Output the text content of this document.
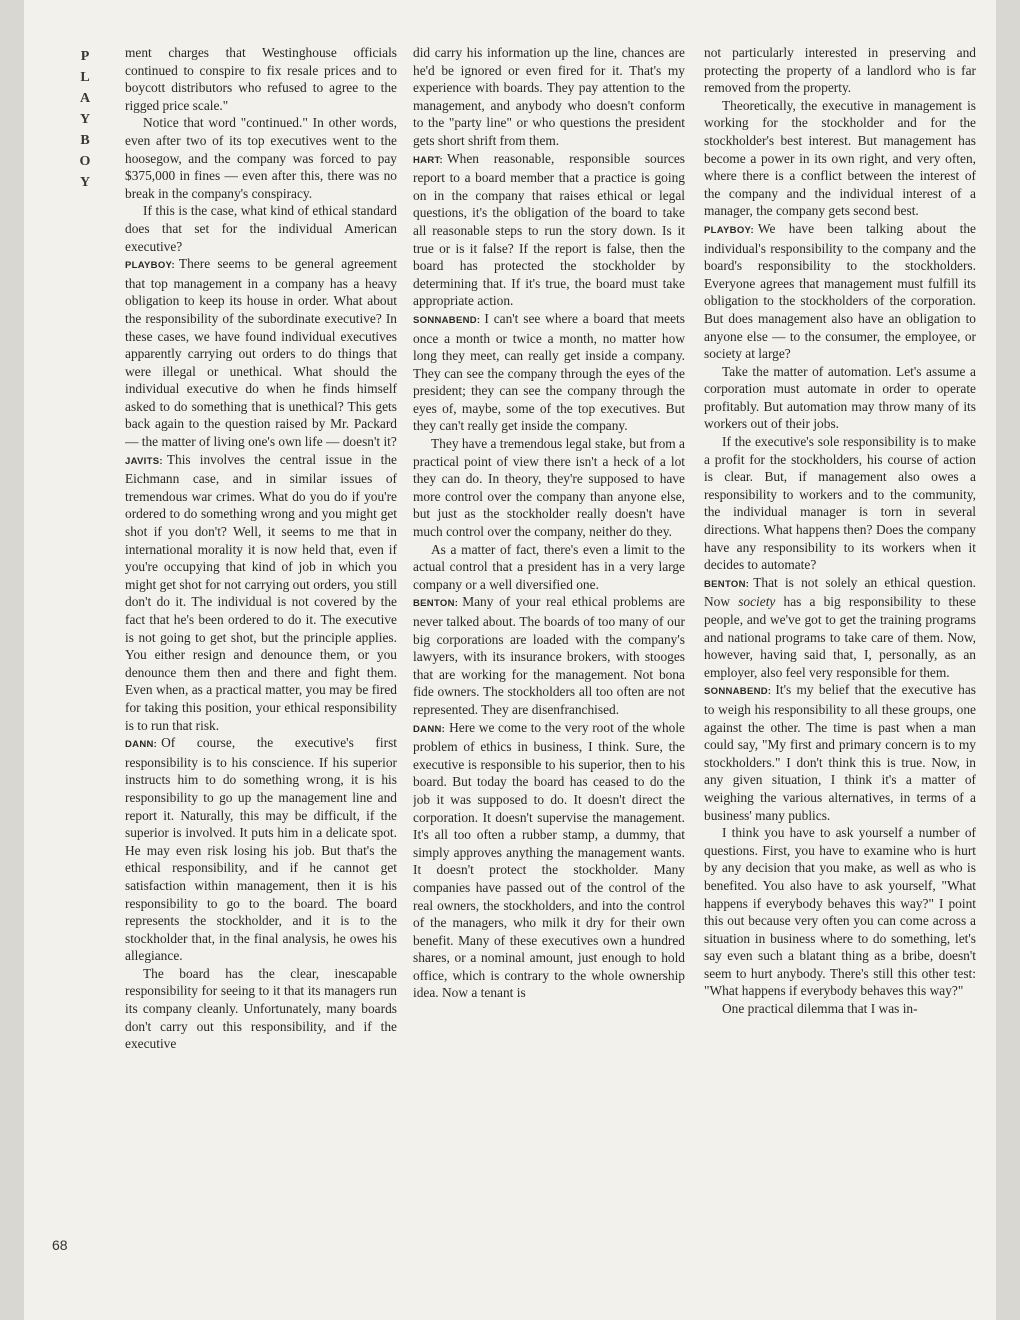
P
L
A
Y
B
O
Y
68

ment charges that Westinghouse officials continued to conspire to fix resale prices and to boycott distributors who refused to agree to the rigged price scale."

Notice that word "continued." In other words, even after two of its top executives went to the hoosegow, and the company was forced to pay $375,000 in fines — even after this, there was no break in the company's conspiracy.

If this is the case, what kind of ethical standard does that set for the individual American executive?

PLAYBOY: There seems to be general agreement that top management in a company has a heavy obligation to keep its house in order. What about the responsibility of the subordinate executive? In these cases, we have found individual executives apparently carrying out orders to do things that were illegal or unethical. What should the individual executive do when he finds himself asked to do something that is unethical? This gets back again to the question raised by Mr. Packard — the matter of living one's own life — doesn't it?

JAVITS: This involves the central issue in the Eichmann case, and in similar issues of tremendous war crimes. What do you do if you're ordered to do something wrong and you might get shot if you don't? Well, it seems to me that in international morality it is now held that, even if you're occupying that kind of job in which you might get shot for not carrying out orders, you still don't do it. The individual is not covered by the fact that he's been ordered to do it. The executive is not going to get shot, but the principle applies. You either resign and denounce them, or you denounce them then and there and fight them. Even when, as a practical matter, you may be fired for taking this position, your ethical responsibility is to run that risk.

DANN: Of course, the executive's first responsibility is to his conscience. If his superior instructs him to do something wrong, it is his responsibility to go up the management line and report it. Naturally, this may be difficult, if the superior is involved. It puts him in a delicate spot. He may even risk losing his job. But that's the ethical responsibility, and if he cannot get satisfaction within management, then it is his responsibility to go to the board. The board represents the stockholder, and it is to the stockholder that, in the final analysis, he owes his allegiance.

The board has the clear, inescapable responsibility for seeing to it that its managers run its company cleanly. Unfortunately, many boards don't carry out this responsibility, and if the executive

did carry his information up the line, chances are he'd be ignored or even fired for it. That's my experience with boards. They pay attention to the management, and anybody who doesn't conform to the "party line" or who questions the president gets short shrift from them.

HART: When reasonable, responsible sources report to a board member that a practice is going on in the company that raises ethical or legal questions, it's the obligation of the board to take all reasonable steps to run the story down. Is it true or is it false? If the report is false, then the board has protected the stockholder by determining that. If it's true, the board must take appropriate action.

SONNABEND: I can't see where a board that meets once a month or twice a month, no matter how long they meet, can really get inside a company. They can see the company through the eyes of the president; they can see the company through the eyes of, maybe, some of the top executives. But they can't really get inside the company.

They have a tremendous legal stake, but from a practical point of view there isn't a heck of a lot they can do. In theory, they're supposed to have more control over the company than anyone else, but just as the stockholder really doesn't have much control over the company, neither do they.

As a matter of fact, there's even a limit to the actual control that a president has in a very large company or a well diversified one.

BENTON: Many of your real ethical problems are never talked about. The boards of too many of our big corporations are loaded with the company's lawyers, with its insurance brokers, with stooges that are working for the management. Not bona fide owners. The stockholders all too often are not represented. They are disenfranchised.

DANN: Here we come to the very root of the whole problem of ethics in business, I think. Sure, the executive is responsible to his superior, then to his board. But today the board has ceased to do the job it was supposed to do. It doesn't direct the corporation. It doesn't supervise the management. It's all too often a rubber stamp, a dummy, that simply approves anything the management wants. It doesn't protect the stockholder. Many companies have passed out of the control of the real owners, the stockholders, and into the control of the managers, who milk it dry for their own benefit. Many of these executives own a hundred shares, or a nominal amount, just enough to hold office, which is contrary to the whole ownership idea. Now a tenant is

not particularly interested in preserving and protecting the property of a landlord who is far removed from the property.

Theoretically, the executive in management is working for the stockholder and for the stockholder's best interest. But management has become a power in its own right, and very often, where there is a conflict between the interest of the company and the individual interest of a manager, the company gets second best.

PLAYBOY: We have been talking about the individual's responsibility to the company and the board's responsibility to the stockholders. Everyone agrees that management must fulfill its obligation to the stockholders of the corporation. But does management also have an obligation to anyone else — to the consumer, the employee, or society at large?

Take the matter of automation. Let's assume a corporation must automate in order to operate profitably. But automation may throw many of its workers out of their jobs.

If the executive's sole responsibility is to make a profit for the stockholders, his course of action is clear. But, if management also owes a responsibility to workers and to the community, the individual manager is torn in several directions. What happens then? Does the company have any responsibility to its workers when it decides to automate?

BENTON: That is not solely an ethical question. Now society has a big responsibility to these people, and we've got to get the training programs and national programs to take care of them. Now, however, having said that, I, personally, as an employer, also feel very responsible for them.

SONNABEND: It's my belief that the executive has to weigh his responsibility to all these groups, one against the other. The time is past when a man could say, "My first and primary concern is to my stockholders." I don't think this is true. Now, in any given situation, I think it's a matter of weighing the various alternatives, in terms of a business' many publics.

I think you have to ask yourself a number of questions. First, you have to examine who is hurt by any decision that you make, as well as who is benefited. You also have to ask yourself, "What happens if everybody behaves this way?" I point this out because very often you can come across a situation in business where to do something, let's say even such a blatant thing as a bribe, doesn't seem to hurt anybody. There's still this other test: "What happens if everybody behaves this way?"

One practical dilemma that I was in-
